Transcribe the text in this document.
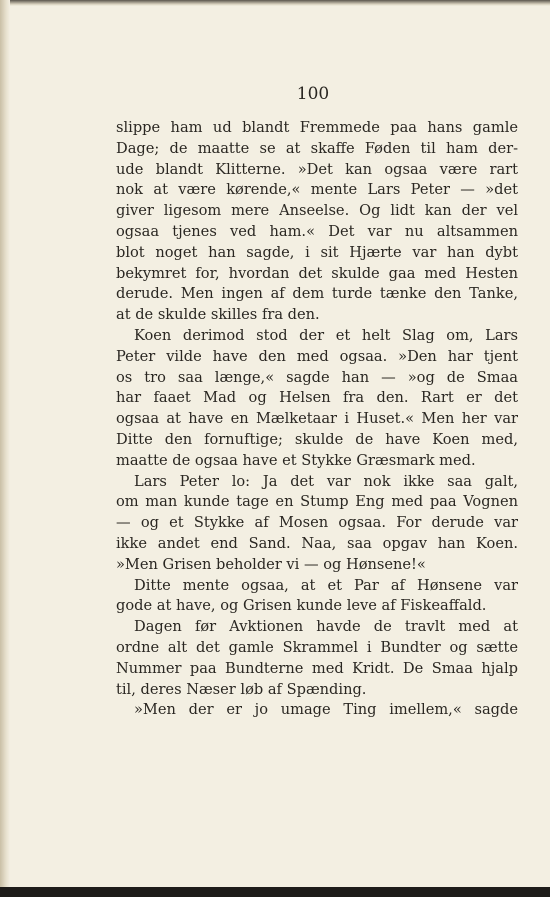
100
slippe ham ud blandt Fremmede paa hans gamle
Dage; de maatte se at skaffe Føden til ham der-
ude blandt Klitterne. »Det kan ogsaa være rart
nok at være kørende,« mente Lars Peter — »det
giver ligesom mere Anseelse. Og lidt kan der vel
ogsaa tjenes ved ham.« Det var nu altsammen
blot noget han sagde, i sit Hjærte var han dybt
bekymret for, hvordan det skulde gaa med Hesten
derude. Men ingen af dem turde tænke den Tanke,
at de skulde skilles fra den.
Koen derimod stod der et helt Slag om, Lars
Peter vilde have den med ogsaa. »Den har tjent
os tro saa længe,« sagde han — »og de Smaa
har faaet Mad og Helsen fra den. Rart er det
ogsaa at have en Mælketaar i Huset.« Men her var
Ditte den fornuftige; skulde de have Koen med,
maatte de ogsaa have et Stykke Græsmark med.
Lars Peter lo: Ja det var nok ikke saa galt,
om man kunde tage en Stump Eng med paa Vognen
— og et Stykke af Mosen ogsaa. For derude var
ikke andet end Sand. Naa, saa opgav han Koen.
»Men Grisen beholder vi — og Hønsene!«
Ditte mente ogsaa, at et Par af Hønsene var
gode at have, og Grisen kunde leve af Fiskeaffald.
Dagen før Avktionen havde de travlt med at
ordne alt det gamle Skrammel i Bundter og sætte
Nummer paa Bundterne med Kridt. De Smaa hjalp
til, deres Næser løb af Spænding.
»Men der er jo umage Ting imellem,« sagde
